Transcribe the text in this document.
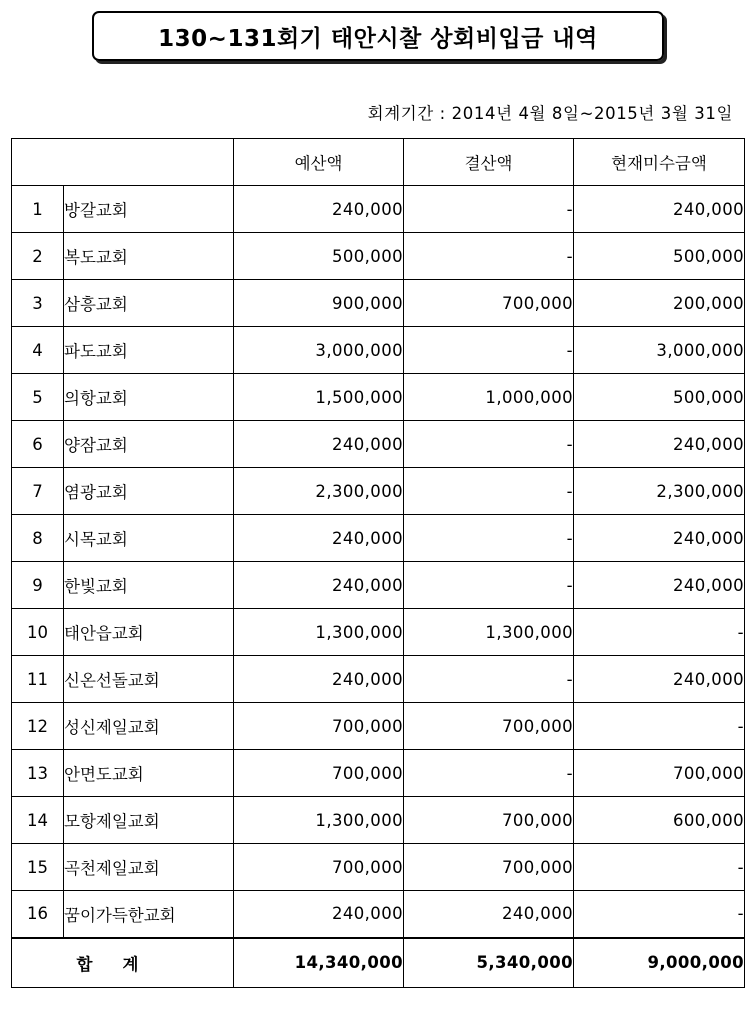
130~131회기 태안시찰 상회비입금 내역
회계기간 : 2014년 4월 8일~2015년 3월 31일
		예산액	결산액	현재미수금액
1	방갈교회	240,000	-	240,000
2	복도교회	500,000	-	500,000
3	삼흥교회	900,000	700,000	200,000
4	파도교회	3,000,000	-	3,000,000
5	의항교회	1,500,000	1,000,000	500,000
6	양잠교회	240,000	-	240,000
7	염광교회	2,300,000	-	2,300,000
8	시목교회	240,000	-	240,000
9	한빛교회	240,000	-	240,000
10	태안읍교회	1,300,000	1,300,000	-
11	신온선돌교회	240,000	-	240,000
12	성신제일교회	700,000	700,000	-
13	안면도교회	700,000	-	700,000
14	모항제일교회	1,300,000	700,000	600,000
15	곡천제일교회	700,000	700,000	-
16	꿈이가득한교회	240,000	240,000	-
합계		14,340,000	5,340,000	9,000,000
